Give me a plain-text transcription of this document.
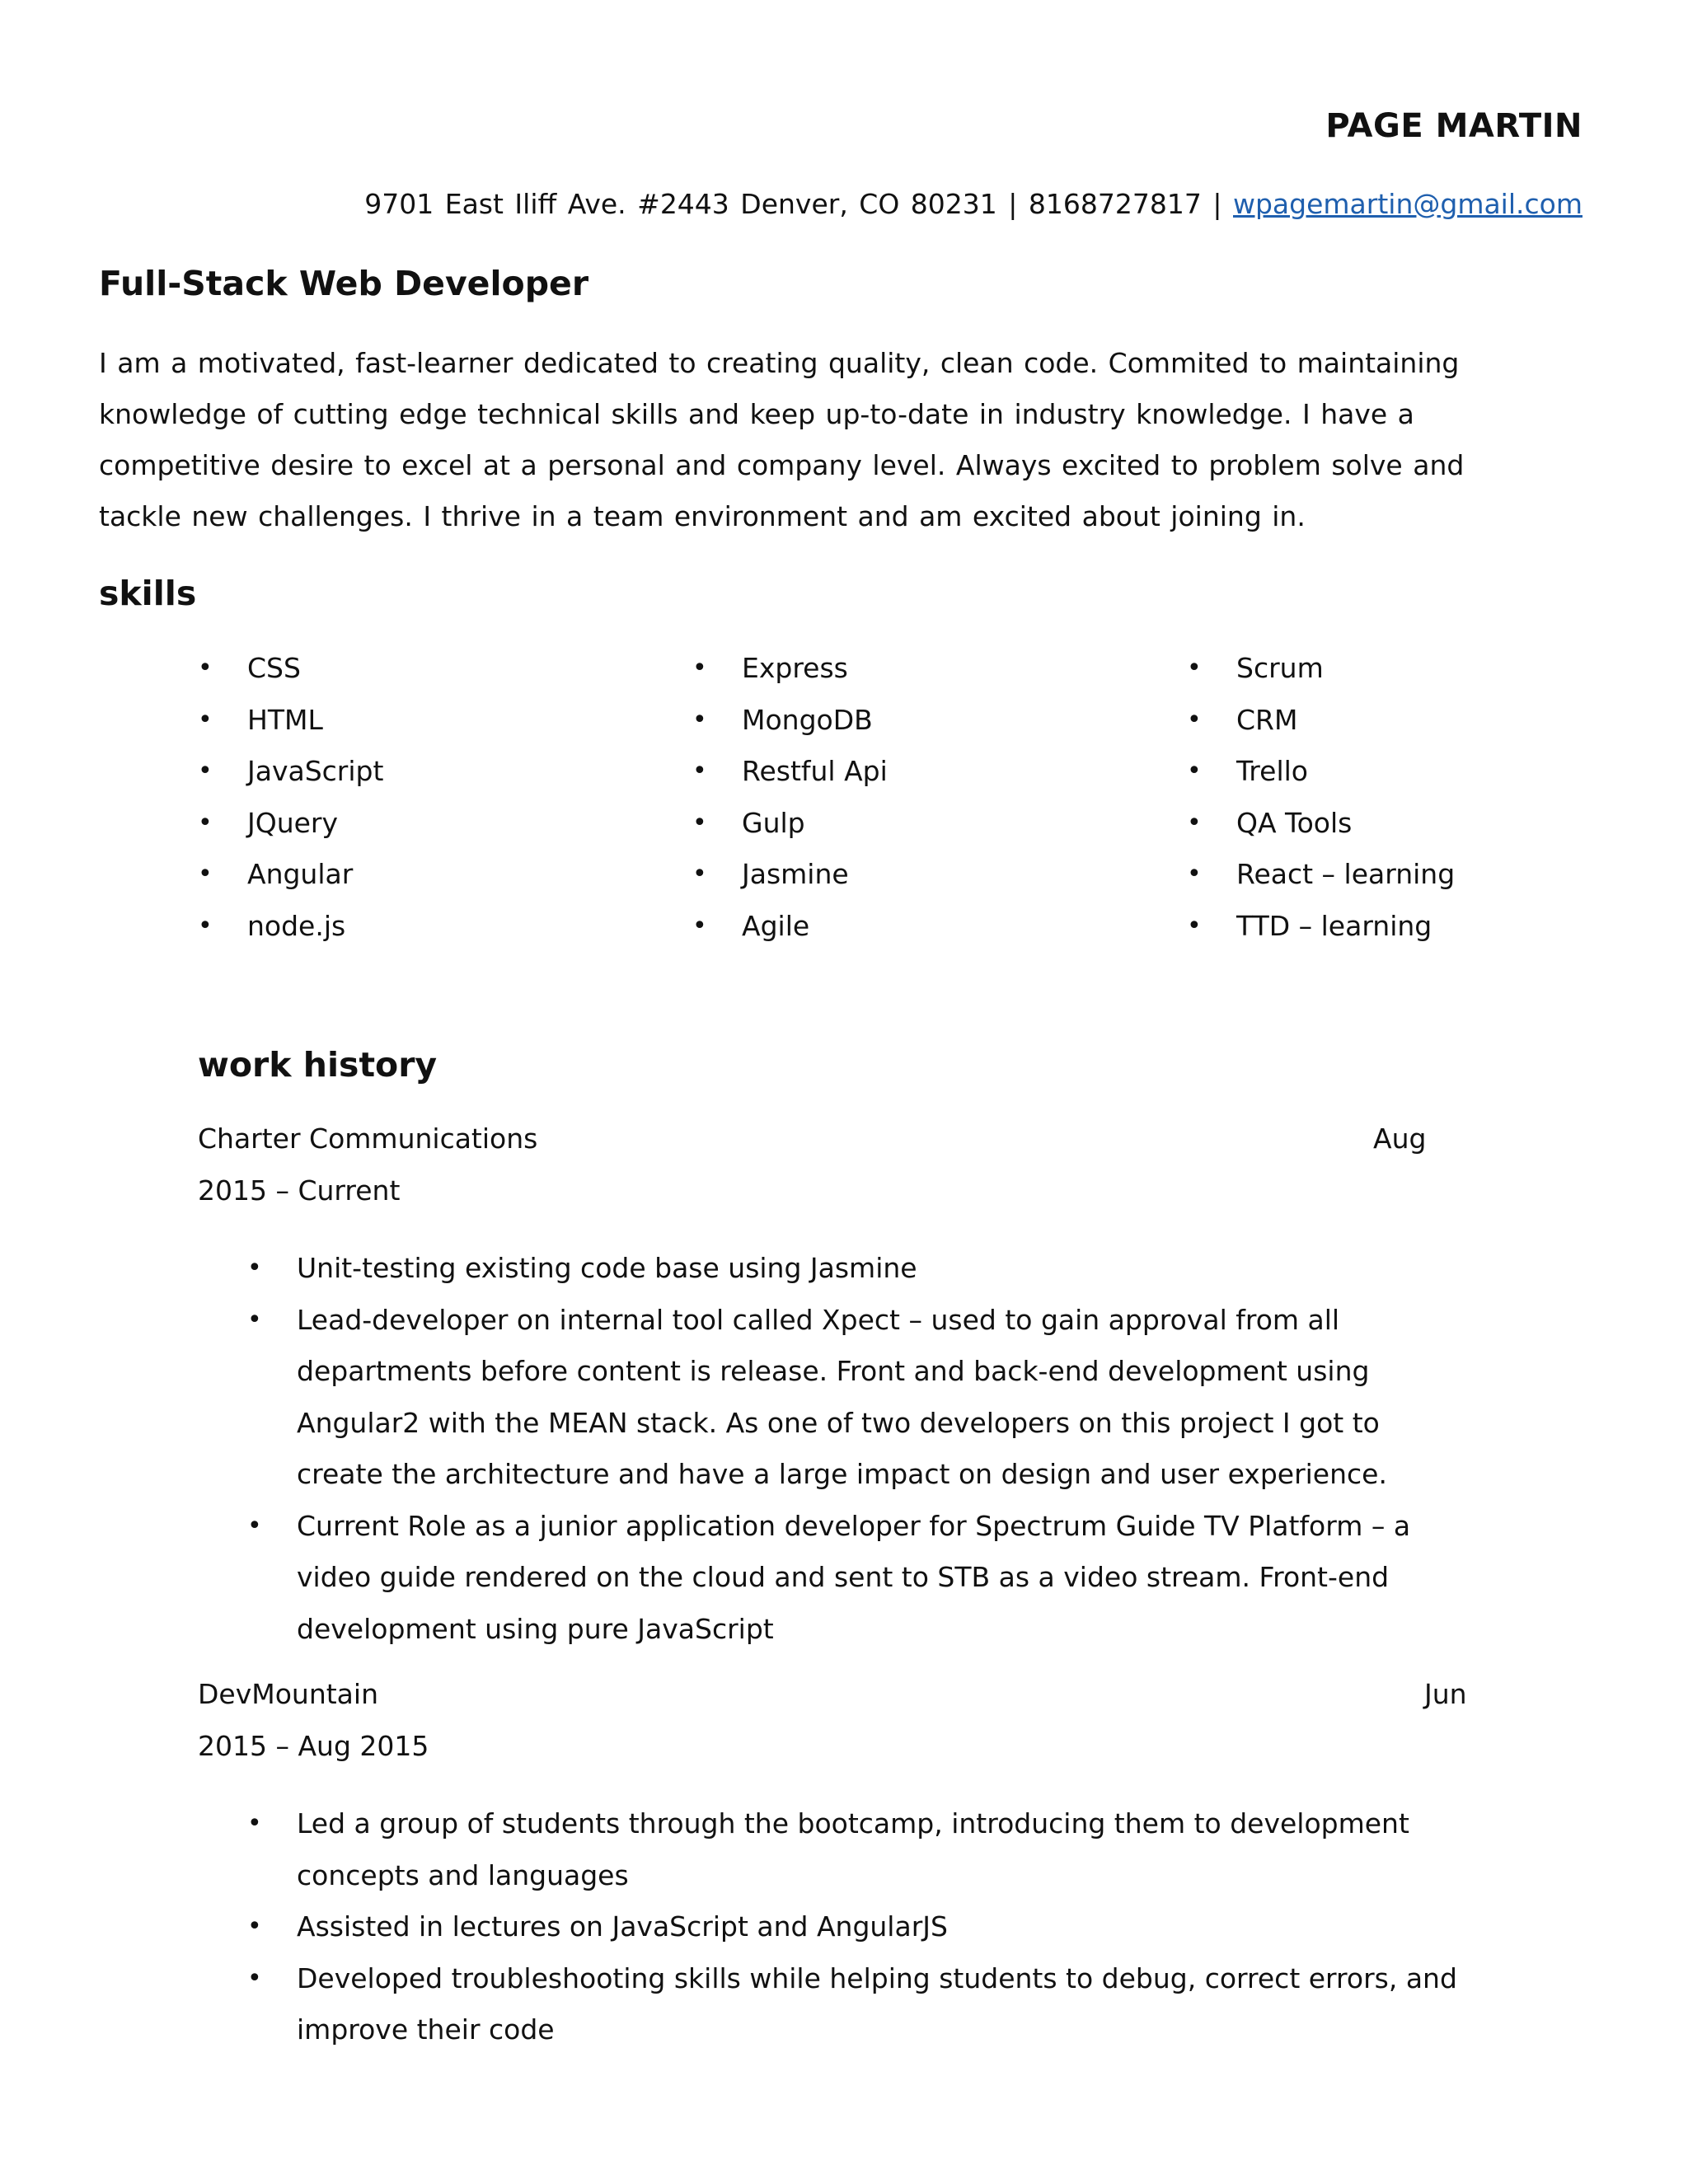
PAGE MARTIN
9701 East Iliff Ave. #2443 Denver, CO 80231 | 8168727817 | wpagemartin@gmail.com
Full-Stack Web Developer
I am a motivated, fast-learner dedicated to creating quality, clean code. Commited to maintaining knowledge of cutting edge technical skills and keep up-to-date in industry knowledge. I have a competitive desire to excel at a personal and company level. Always excited to problem solve and tackle new challenges. I thrive in a team environment and am excited about joining in.
skills
• CSS
• HTML
• JavaScript
• JQuery
• Angular
• node.js
• Express
• MongoDB
• Restful Api
• Gulp
• Jasmine
• Agile
• Scrum
• CRM
• Trello
• QA Tools
• React – learning
• TTD – learning
work history
Charter Communications	Aug
2015 – Current
• Unit-testing existing code base using Jasmine
• Lead-developer on internal tool called Xpect – used to gain approval from all departments before content is release. Front and back-end development using Angular2 with the MEAN stack. As one of two developers on this project I got to create the architecture and have a large impact on design and user experience.
• Current Role as a junior application developer for Spectrum Guide TV Platform – a video guide rendered on the cloud and sent to STB as a video stream. Front-end development using pure JavaScript
DevMountain	Jun
2015 – Aug 2015
• Led a group of students through the bootcamp, introducing them to development concepts and languages
• Assisted in lectures on JavaScript and AngularJS
• Developed troubleshooting skills while helping students to debug, correct errors, and improve their code
